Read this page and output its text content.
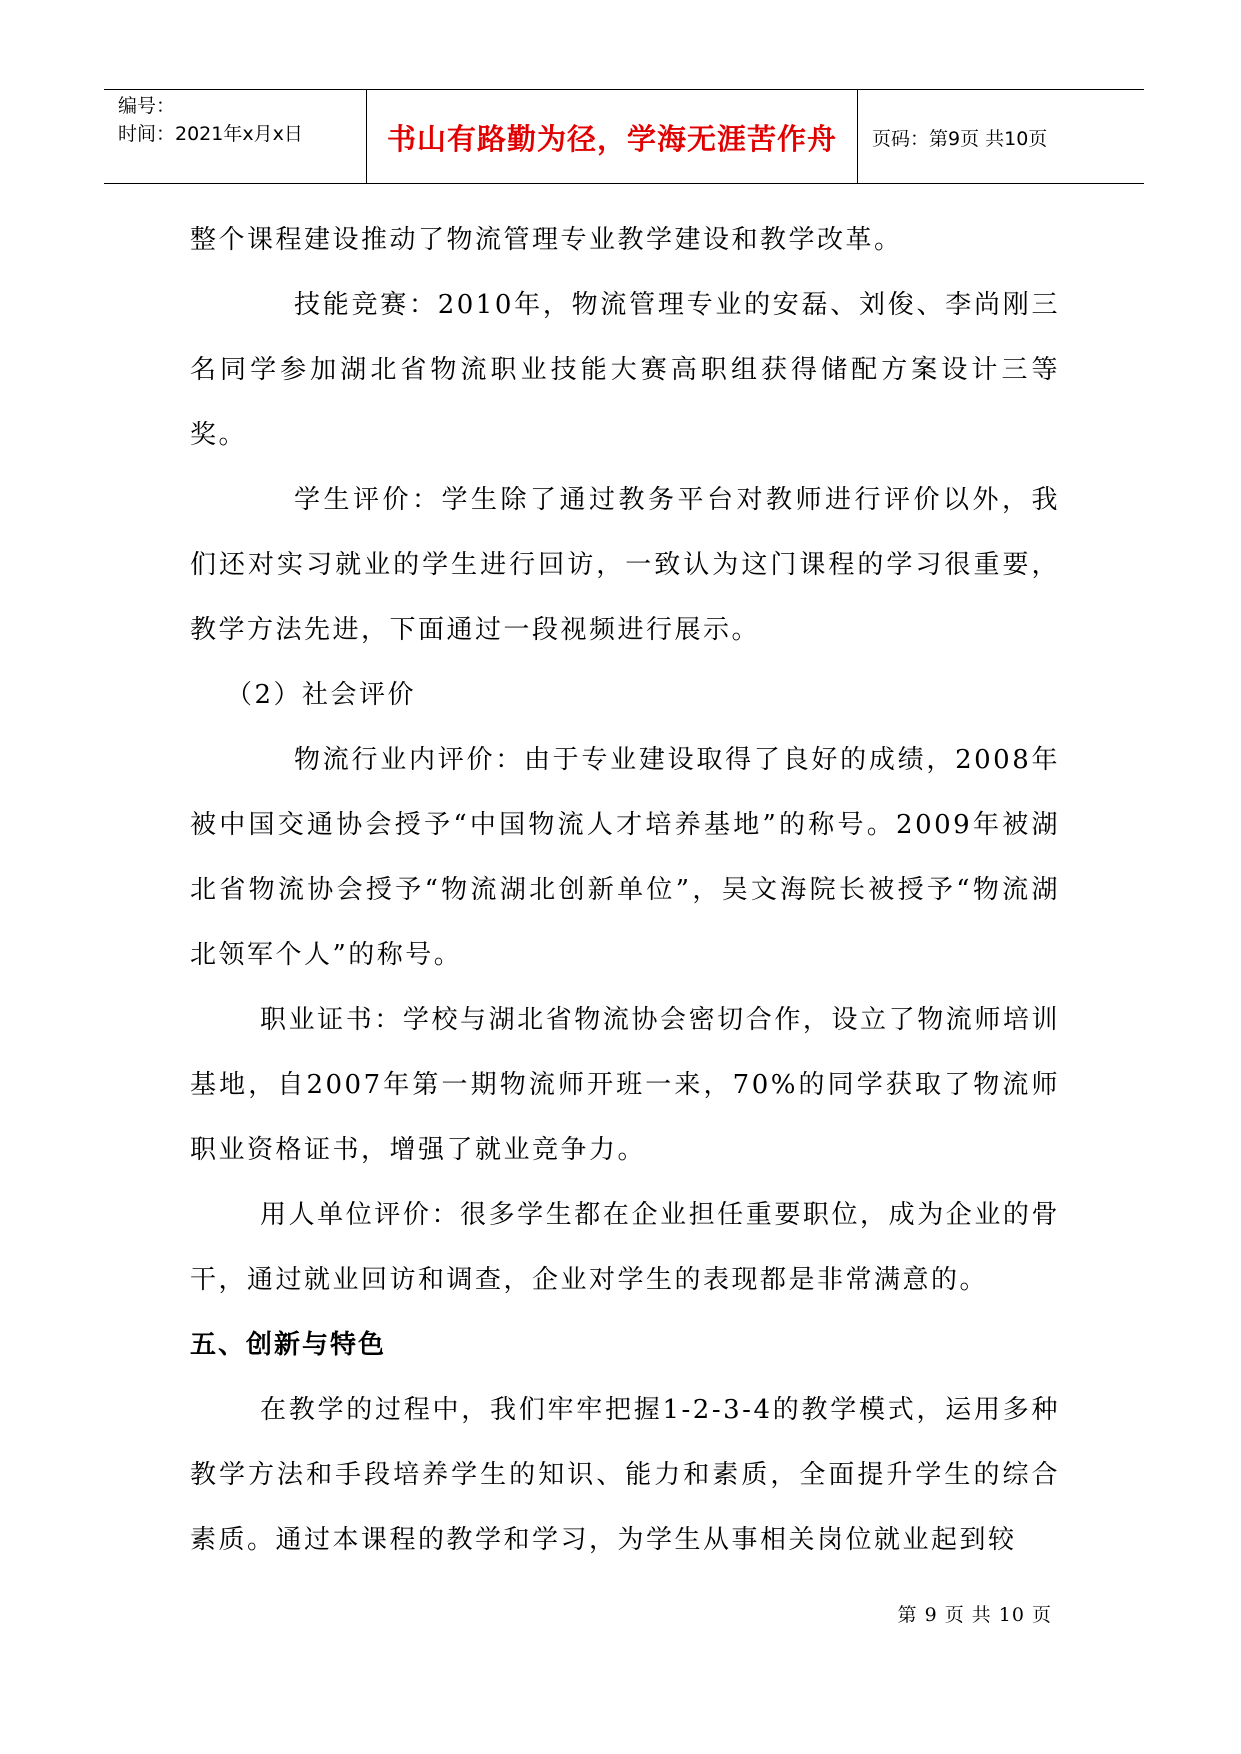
编号：
时间：2021年x月x日	书山有路勤为径，学海无涯苦作舟 页码：第9页 共10页

整个课程建设推动了物流管理专业教学建设和教学改革。

技能竞赛：2010年，物流管理专业的安磊、刘俊、李尚刚三名同学参加湖北省物流职业技能大赛高职组获得储配方案设计三等奖。

学生评价：学生除了通过教务平台对教师进行评价以外，我们还对实习就业的学生进行回访，一致认为这门课程的学习很重要，教学方法先进，下面通过一段视频进行展示。

（2）社会评价

物流行业内评价：由于专业建设取得了良好的成绩，2008年被中国交通协会授予“中国物流人才培养基地”的称号。2009年被湖北省物流协会授予“物流湖北创新单位”，吴文海院长被授予“物流湖北领军个人”的称号。

职业证书：学校与湖北省物流协会密切合作，设立了物流师培训基地，自2007年第一期物流师开班一来，70%的同学获取了物流师职业资格证书，增强了就业竞争力。

用人单位评价：很多学生都在企业担任重要职位，成为企业的骨干，通过就业回访和调查，企业对学生的表现都是非常满意的。

五、创新与特色

在教学的过程中，我们牢牢把握1-2-3-4的教学模式，运用多种教学方法和手段培养学生的知识、能力和素质，全面提升学生的综合素质。通过本课程的教学和学习，为学生从事相关岗位就业起到较

第 9 页 共 10 页
